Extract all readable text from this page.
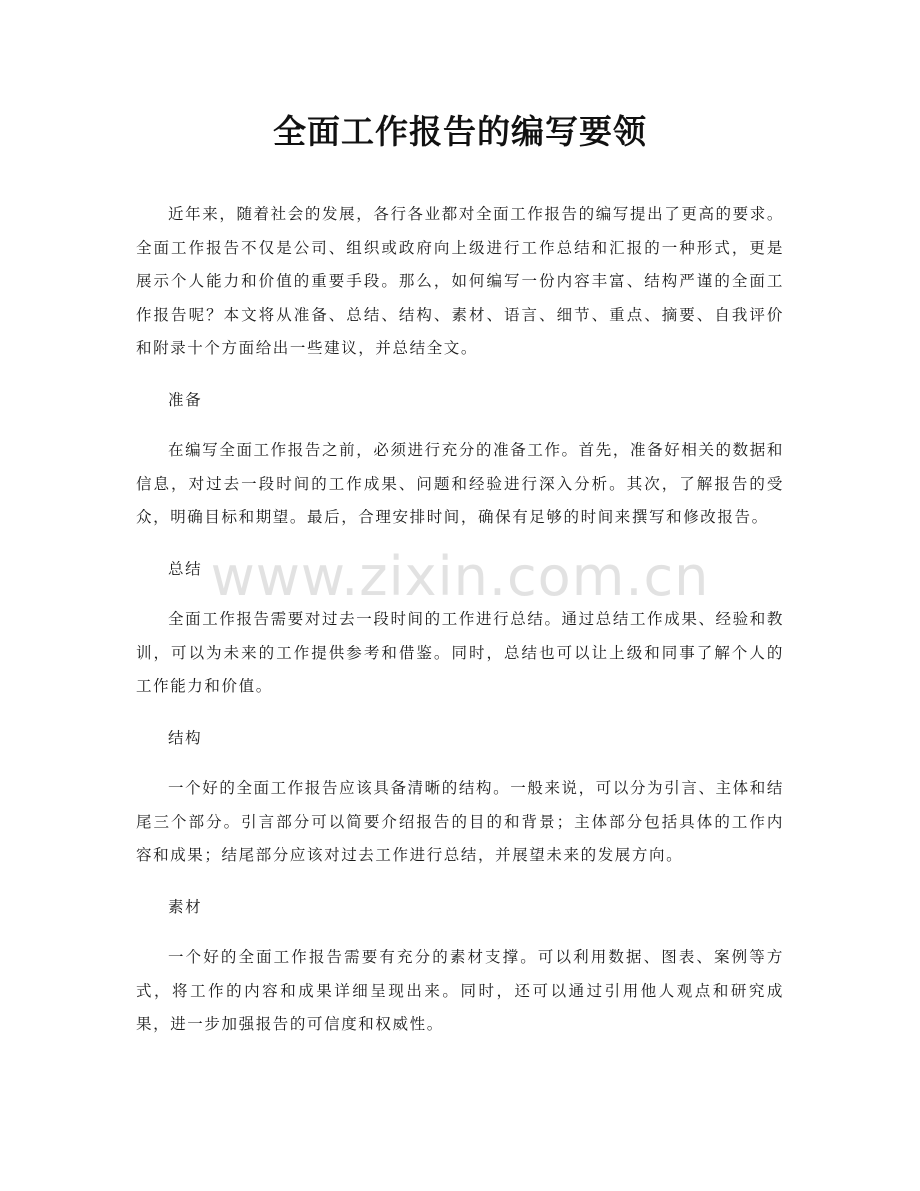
全面工作报告的编写要领

近年来，随着社会的发展，各行各业都对全面工作报告的编写提出了更高的要求。全面工作报告不仅是公司、组织或政府向上级进行工作总结和汇报的一种形式，更是展示个人能力和价值的重要手段。那么，如何编写一份内容丰富、结构严谨的全面工作报告呢？本文将从准备、总结、结构、素材、语言、细节、重点、摘要、自我评价和附录十个方面给出一些建议，并总结全文。

准备

在编写全面工作报告之前，必须进行充分的准备工作。首先，准备好相关的数据和信息，对过去一段时间的工作成果、问题和经验进行深入分析。其次，了解报告的受众，明确目标和期望。最后，合理安排时间，确保有足够的时间来撰写和修改报告。

总结

全面工作报告需要对过去一段时间的工作进行总结。通过总结工作成果、经验和教训，可以为未来的工作提供参考和借鉴。同时，总结也可以让上级和同事了解个人的工作能力和价值。

结构

一个好的全面工作报告应该具备清晰的结构。一般来说，可以分为引言、主体和结尾三个部分。引言部分可以简要介绍报告的目的和背景；主体部分包括具体的工作内容和成果；结尾部分应该对过去工作进行总结，并展望未来的发展方向。

素材

一个好的全面工作报告需要有充分的素材支撑。可以利用数据、图表、案例等方式，将工作的内容和成果详细呈现出来。同时，还可以通过引用他人观点和研究成果，进一步加强报告的可信度和权威性。

www.zixin.com.cn
